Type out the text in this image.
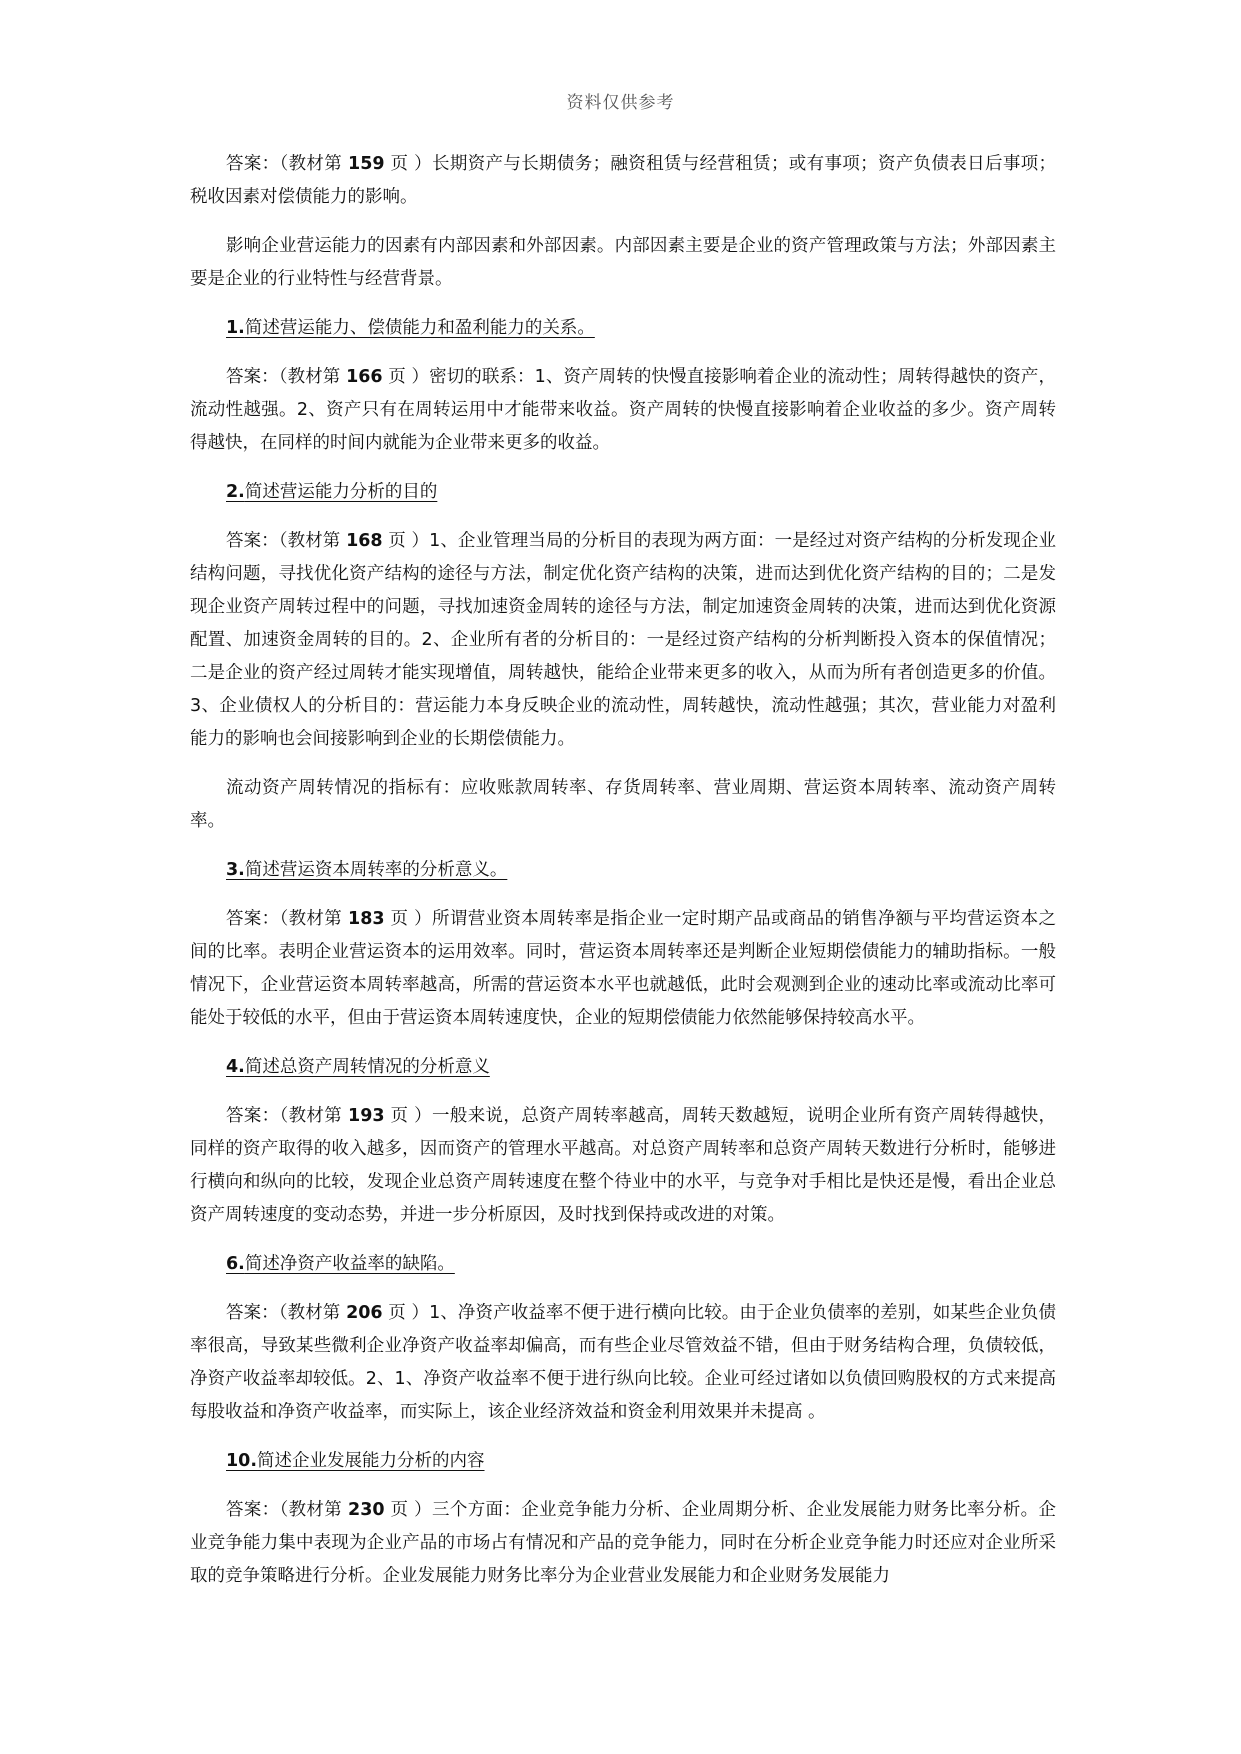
资料仅供参考

答案：（教材第 159 页 ）长期资产与长期债务；融资租赁与经营租赁；或有事项；资产负债表日后事项；税收因素对偿债能力的影响。

影响企业营运能力的因素有内部因素和外部因素。内部因素主要是企业的资产管理政策与方法；外部因素主要是企业的行业特性与经营背景。

1.简述营运能力、偿债能力和盈利能力的关系。

答案：（教材第 166 页 ）密切的联系：1、资产周转的快慢直接影响着企业的流动性；周转得越快的资产，流动性越强。2、资产只有在周转运用中才能带来收益。资产周转的快慢直接影响着企业收益的多少。资产周转得越快，在同样的时间内就能为企业带来更多的收益。

2.简述营运能力分析的目的

答案：（教材第 168 页 ）1、企业管理当局的分析目的表现为两方面：一是经过对资产结构的分析发现企业结构问题，寻找优化资产结构的途径与方法，制定优化资产结构的决策，进而达到优化资产结构的目的；二是发现企业资产周转过程中的问题，寻找加速资金周转的途径与方法，制定加速资金周转的决策，进而达到优化资源配置、加速资金周转的目的。2、企业所有者的分析目的：一是经过资产结构的分析判断投入资本的保值情况；二是企业的资产经过周转才能实现增值，周转越快，能给企业带来更多的收入，从而为所有者创造更多的价值。3、企业债权人的分析目的：营运能力本身反映企业的流动性，周转越快，流动性越强；其次，营业能力对盈利能力的影响也会间接影响到企业的长期偿债能力。

流动资产周转情况的指标有：应收账款周转率、存货周转率、营业周期、营运资本周转率、流动资产周转率。

3.简述营运资本周转率的分析意义。

答案：（教材第 183 页 ）所谓营业资本周转率是指企业一定时期产品或商品的销售净额与平均营运资本之间的比率。表明企业营运资本的运用效率。同时，营运资本周转率还是判断企业短期偿债能力的辅助指标。一般情况下，企业营运资本周转率越高，所需的营运资本水平也就越低，此时会观测到企业的速动比率或流动比率可能处于较低的水平，但由于营运资本周转速度快，企业的短期偿债能力依然能够保持较高水平。

4.简述总资产周转情况的分析意义

答案：（教材第 193 页 ）一般来说，总资产周转率越高，周转天数越短，说明企业所有资产周转得越快，同样的资产取得的收入越多，因而资产的管理水平越高。对总资产周转率和总资产周转天数进行分析时，能够进行横向和纵向的比较，发现企业总资产周转速度在整个待业中的水平，与竞争对手相比是快还是慢，看出企业总资产周转速度的变动态势，并进一步分析原因，及时找到保持或改进的对策。

6.简述净资产收益率的缺陷。

答案：（教材第 206 页 ）1、净资产收益率不便于进行横向比较。由于企业负债率的差别，如某些企业负债率很高，导致某些微利企业净资产收益率却偏高，而有些企业尽管效益不错，但由于财务结构合理，负债较低，净资产收益率却较低。2、1、净资产收益率不便于进行纵向比较。企业可经过诸如以负债回购股权的方式来提高每股收益和净资产收益率，而实际上，该企业经济效益和资金利用效果并未提高 。

10.简述企业发展能力分析的内容

答案：（教材第 230 页 ）三个方面：企业竞争能力分析、企业周期分析、企业发展能力财务比率分析。企业竞争能力集中表现为企业产品的市场占有情况和产品的竞争能力，同时在分析企业竞争能力时还应对企业所采取的竞争策略进行分析。企业发展能力财务比率分为企业营业发展能力和企业财务发展能力
